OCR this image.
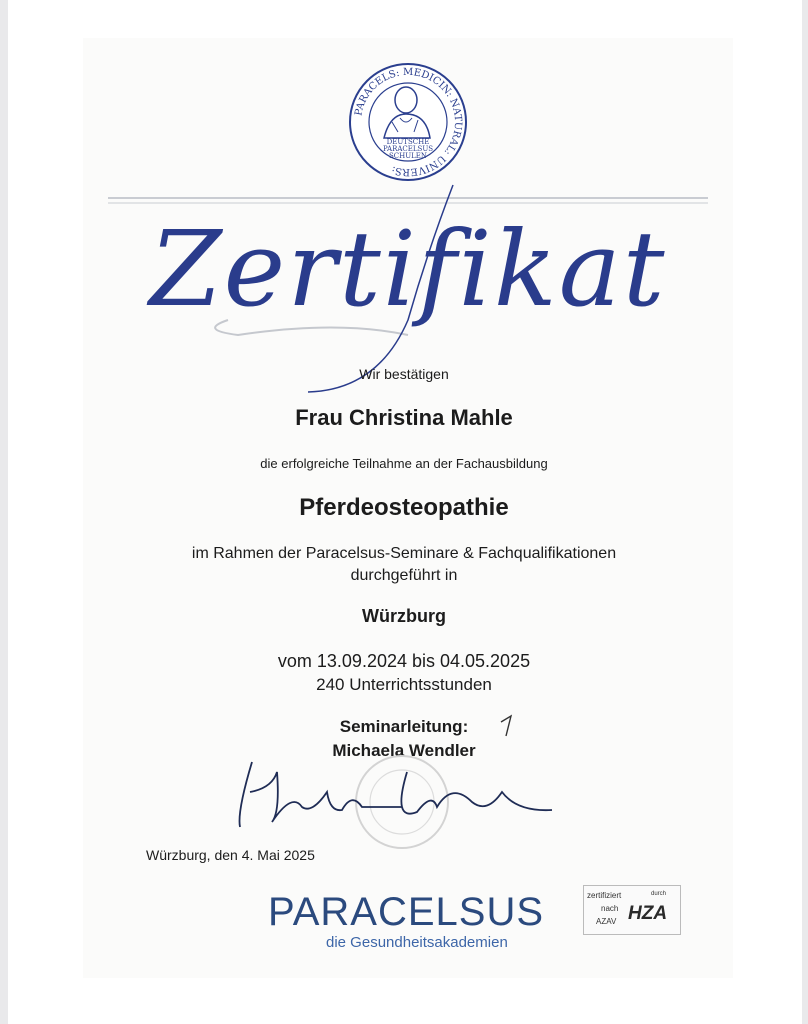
PARACELS: MEDICIN: NATURAL: UNIVERS:
DEUTSCHE
PARACELSUS
SCHULEN
Zertifikat
Wir bestätigen
Frau Christina Mahle
die erfolgreiche Teilnahme an der Fachausbildung
Pferdeosteopathie
im Rahmen der Paracelsus-Seminare & Fachqualifikationen
durchgeführt in
Würzburg
vom 13.09.2024 bis 04.05.2025
240 Unterrichtsstunden
Seminarleitung:
Michaela Wendler
Würzburg, den 4. Mai 2025
PARACELSUS
die Gesundheitsakademien
zertifiziert
nach
AZAV
durch
HZA
